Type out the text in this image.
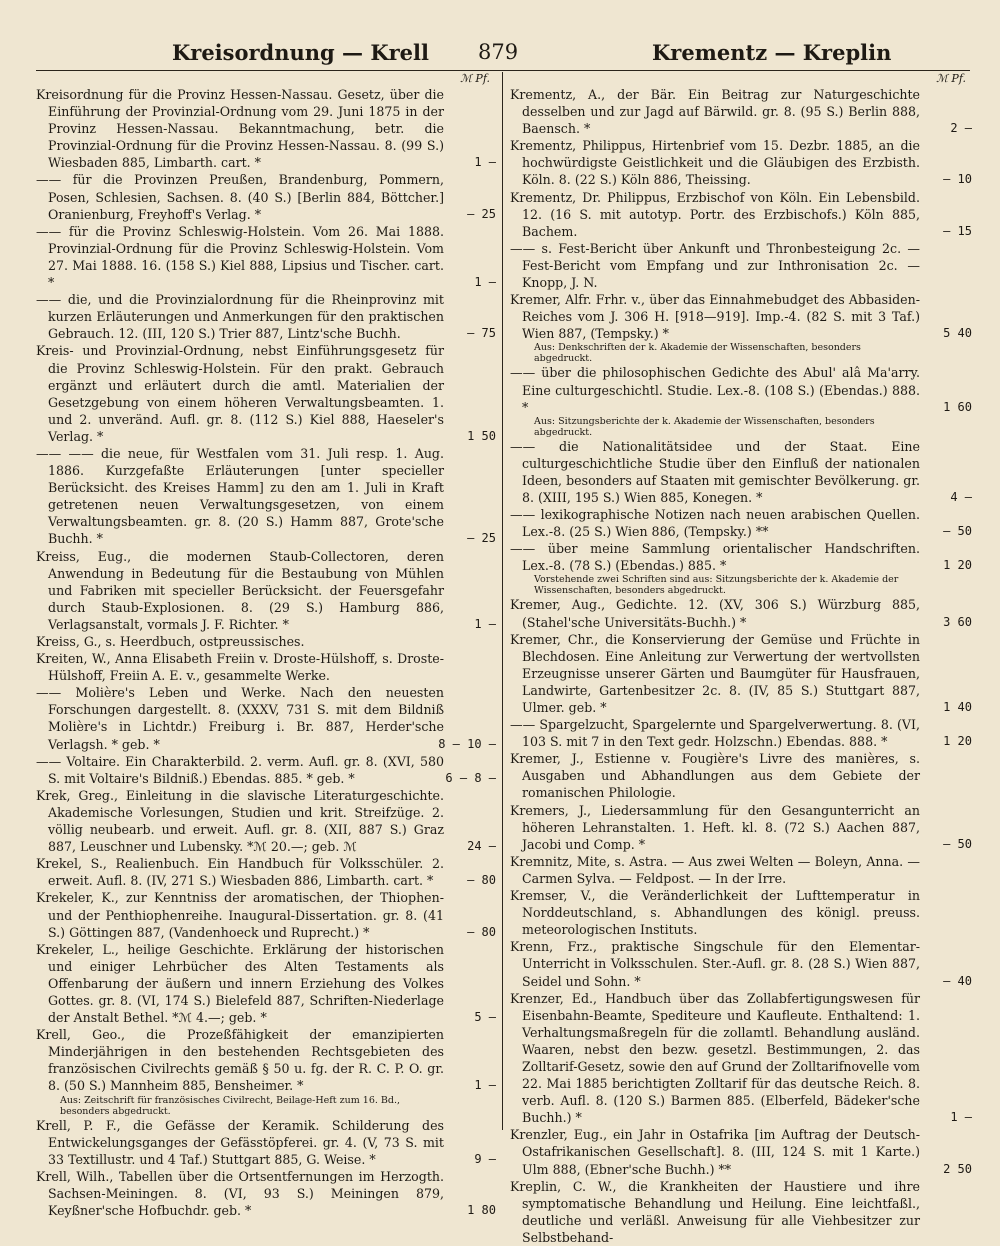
Kreisordnung — Krell 879	Krementz — Kreplin
ℳ Pf.

Kreisordnung für die Provinz Hessen-Nassau. Gesetz, über die Einführung der Provinzial-Ordnung vom 29. Juni 1875 in der Provinz Hessen-Nassau. Bekanntmachung, betr. die Provinzial-Ordnung für die Provinz Hessen-Nassau. 8. (99 S.) Wiesbaden 885, Limbarth. cart. *	1 —

—— für die Provinzen Preußen, Brandenburg, Pommern, Posen, Schlesien, Sachsen. 8. (40 S.) [Berlin 884, Böttcher.] Oranienburg, Freyhoff's Verlag. *	— 25

—— für die Provinz Schleswig-Holstein. Vom 26. Mai 1888. Provinzial-Ordnung für die Provinz Schleswig-Holstein. Vom 27. Mai 1888. 16. (158 S.) Kiel 888, Lipsius und Tischer. cart. *	1 —

—— die, und die Provinzialordnung für die Rheinprovinz mit kurzen Erläuterungen und Anmerkungen für den praktischen Gebrauch. 12. (III, 120 S.) Trier 887, Lintz'sche Buchh.	— 75

Kreis- und Provinzial-Ordnung, nebst Einführungsgesetz für die Provinz Schleswig-Holstein. Für den prakt. Gebrauch ergänzt und erläutert durch die amtl. Materialien der Gesetzgebung von einem höheren Verwaltungsbeamten. 1. und 2. unveränd. Aufl. gr. 8. (112 S.) Kiel 888, Haeseler's Verlag. *	1 50

—— —— die neue, für Westfalen vom 31. Juli resp. 1. Aug. 1886. Kurzgefaßte Erläuterungen [unter specieller Berücksicht. des Kreises Hamm] zu den am 1. Juli in Kraft getretenen neuen Verwaltungsgesetzen, von einem Verwaltungsbeamten. gr. 8. (20 S.) Hamm 887, Grote'sche Buchh. *	— 25

Kreiss, Eug., die modernen Staub-Collectoren, deren Anwendung in Bedeutung für die Bestaubung von Mühlen und Fabriken mit specieller Berücksicht. der Feuersgefahr durch Staub-Explosionen. 8. (29 S.) Hamburg 886, Verlagsanstalt, vormals J. F. Richter. *	1 —

Kreiss, G., s. Heerdbuch, ostpreussisches.

Kreiten, W., Anna Elisabeth Freiin v. Droste-Hülshoff, s. Droste-Hülshoff, Freiin A. E. v., gesammelte Werke.

—— Molière's Leben und Werke. Nach den neuesten Forschungen dargestellt. 8. (XXXV, 731 S. mit dem Bildniß Molière's in Lichtdr.) Freiburg i. Br. 887, Herder'sche Verlagsh. * geb. *	8 — 10 —

—— Voltaire. Ein Charakterbild. 2. verm. Aufl. gr. 8. (XVI, 580 S. mit Voltaire's Bildniß.) Ebendas. 885. * geb. *	6 — 8 —

Krek, Greg., Einleitung in die slavische Literaturgeschichte. Akademische Vorlesungen, Studien und krit. Streifzüge. 2. völlig neubearb. und erweit. Aufl. gr. 8. (XII, 887 S.) Graz 887, Leuschner und Lubensky. *ℳ 20.—; geb. ℳ	24 —

Krekel, S., Realienbuch. Ein Handbuch für Volksschüler. 2. erweit. Aufl. 8. (IV, 271 S.) Wiesbaden 886, Limbarth. cart. *	— 80

Krekeler, K., zur Kenntniss der aromatischen, der Thiophen- und der Penthiophenreihe. Inaugural-Dissertation. gr. 8. (41 S.) Göttingen 887, (Vandenhoeck und Ruprecht.) *	— 80

Krekeler, L., heilige Geschichte. Erklärung der historischen und einiger Lehrbücher des Alten Testaments als Offenbarung der äußern und innern Erziehung des Volkes Gottes. gr. 8. (VI, 174 S.) Bielefeld 887, Schriften-Niederlage der Anstalt Bethel. *ℳ 4.—; geb. *	5 —

Krell, Geo., die Prozeßfähigkeit der emanzipierten Minderjährigen in den bestehenden Rechtsgebieten des französischen Civilrechts gemäß § 50 u. fg. der R. C. P. O. gr. 8. (50 S.) Mannheim 885, Bensheimer. *	1 —

Aus: Zeitschrift für französisches Civilrecht, Beilage-Heft zum 16. Bd., besonders abgedruckt.

Krell, P. F., die Gefässe der Keramik. Schilderung des Entwickelungsganges der Gefässtöpferei. gr. 4. (V, 73 S. mit 33 Textillustr. und 4 Taf.) Stuttgart 885, G. Weise. *	9 —

Krell, Wilh., Tabellen über die Ortsentfernungen im Herzogth. Sachsen-Meiningen. 8. (VI, 93 S.) Meiningen 879, Keyßner'sche Hofbuchdr. geb. *	1 80

ℳ Pf.

Krementz, A., der Bär. Ein Beitrag zur Naturgeschichte desselben und zur Jagd auf Bärwild. gr. 8. (95 S.) Berlin 888, Baensch. *	2 —

Krementz, Philippus, Hirtenbrief vom 15. Dezbr. 1885, an die hochwürdigste Geistlichkeit und die Gläubigen des Erzbisth. Köln. 8. (22 S.) Köln 886, Theissing.	— 10

Krementz, Dr. Philippus, Erzbischof von Köln. Ein Lebensbild. 12. (16 S. mit autotyp. Portr. des Erzbischofs.) Köln 885, Bachem.	— 15

—— s. Fest-Bericht über Ankunft und Thronbesteigung 2c. — Fest-Bericht vom Empfang und zur Inthronisation 2c. — Knopp, J. N.

Kremer, Alfr. Frhr. v., über das Einnahmebudget des Abbasiden-Reiches vom J. 306 H. [918—919]. Imp.-4. (82 S. mit 3 Taf.) Wien 887, (Tempsky.) *	5 40

Aus: Denkschriften der k. Akademie der Wissenschaften, besonders abgedruckt.

—— über die philosophischen Gedichte des Abul' alâ Ma'arry. Eine culturgeschichtl. Studie. Lex.-8. (108 S.) (Ebendas.) 888. *	1 60

Aus: Sitzungsberichte der k. Akademie der Wissenschaften, besonders abgedruckt.

—— die Nationalitätsidee und der Staat. Eine culturgeschichtliche Studie über den Einfluß der nationalen Ideen, besonders auf Staaten mit gemischter Bevölkerung. gr. 8. (XIII, 195 S.) Wien 885, Konegen. *	4 —

—— lexikographische Notizen nach neuen arabischen Quellen. Lex.-8. (25 S.) Wien 886, (Tempsky.) **	— 50

—— über meine Sammlung orientalischer Handschriften. Lex.-8. (78 S.) (Ebendas.) 885. *	1 20

Vorstehende zwei Schriften sind aus: Sitzungsberichte der k. Akademie der Wissenschaften, besonders abgedruckt.

Kremer, Aug., Gedichte. 12. (XV, 306 S.) Würzburg 885, (Stahel'sche Universitäts-Buchh.) *	3 60

Kremer, Chr., die Konservierung der Gemüse und Früchte in Blechdosen. Eine Anleitung zur Verwertung der wertvollsten Erzeugnisse unserer Gärten und Baumgüter für Hausfrauen, Landwirte, Gartenbesitzer 2c. 8. (IV, 85 S.) Stuttgart 887, Ulmer. geb. *	1 40

—— Spargelzucht, Spargelernte und Spargelverwertung. 8. (VI, 103 S. mit 7 in den Text gedr. Holzschn.) Ebendas. 888. *	1 20

Kremer, J., Estienne v. Fougière's Livre des manières, s. Ausgaben und Abhandlungen aus dem Gebiete der romanischen Philologie.

Kremers, J., Liedersammlung für den Gesangunterricht an höheren Lehranstalten. 1. Heft. kl. 8. (72 S.) Aachen 887, Jacobi und Comp. *	— 50

Kremnitz, Mite, s. Astra. — Aus zwei Welten — Boleyn, Anna. — Carmen Sylva. — Feldpost. — In der Irre.

Kremser, V., die Veränderlichkeit der Lufttemperatur in Norddeutschland, s. Abhandlungen des königl. preuss. meteorologischen Instituts.

Krenn, Frz., praktische Singschule für den Elementar-Unterricht in Volksschulen. Ster.-Aufl. gr. 8. (28 S.) Wien 887, Seidel und Sohn. *	— 40

Krenzer, Ed., Handbuch über das Zollabfertigungswesen für Eisenbahn-Beamte, Spediteure und Kaufleute. Enthaltend: 1. Verhaltungsmaßregeln für die zollamtl. Behandlung ausländ. Waaren, nebst den bezw. gesetzl. Bestimmungen, 2. das Zolltarif-Gesetz, sowie den auf Grund der Zolltarifnovelle vom 22. Mai 1885 berichtigten Zolltarif für das deutsche Reich. 8. verb. Aufl. 8. (120 S.) Barmen 885. (Elberfeld, Bädeker'sche Buchh.) *	1 —

Krenzler, Eug., ein Jahr in Ostafrika [im Auftrag der Deutsch-Ostafrikanischen Gesellschaft]. 8. (III, 124 S. mit 1 Karte.) Ulm 888, (Ebner'sche Buchh.) **	2 50

Kreplin, C. W., die Krankheiten der Haustiere und ihre symptomatische Behandlung und Heilung. Eine leichtfaßl., deutliche und verläßl. Anweisung für alle Viehbesitzer zur Selbstbehand-
